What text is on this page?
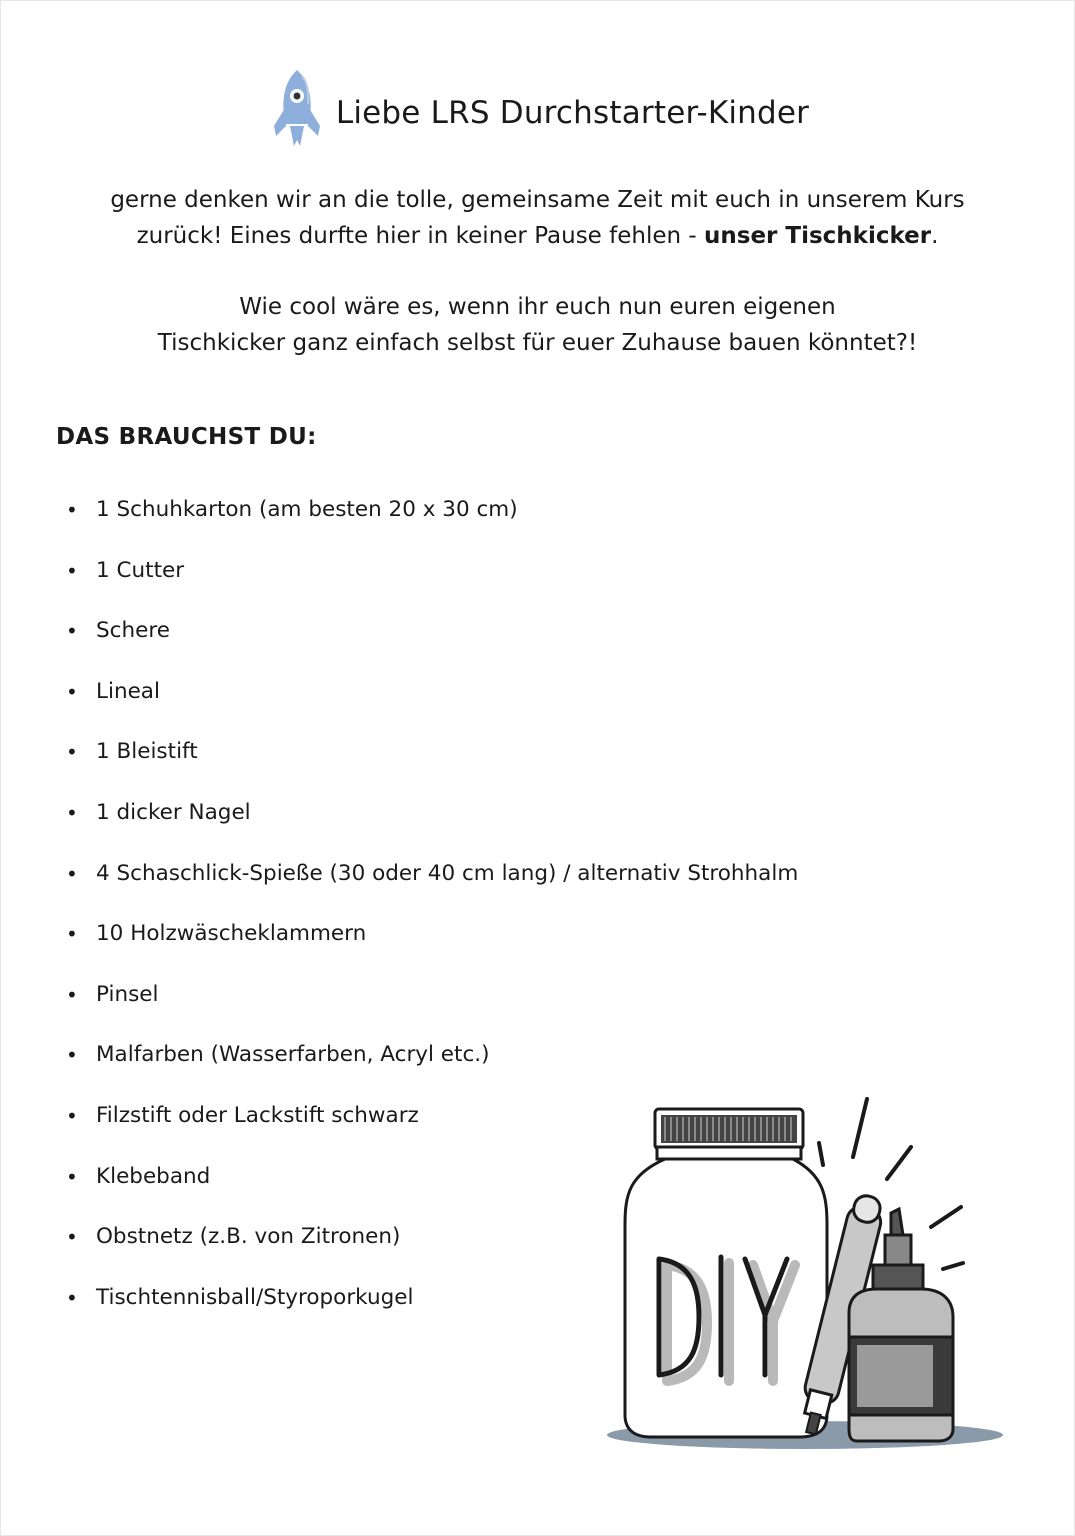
Liebe LRS Durchstarter-Kinder
gerne denken wir an die tolle, gemeinsame Zeit mit euch in unserem Kurs
zurück! Eines durfte hier in keiner Pause fehlen - unser Tischkicker.
Wie cool wäre es, wenn ihr euch nun euren eigenen
Tischkicker ganz einfach selbst für euer Zuhause bauen könntet?!
DAS BRAUCHST DU:
• 1 Schuhkarton (am besten 20 x 30 cm)
• 1 Cutter
• Schere
• Lineal
• 1 Bleistift
• 1 dicker Nagel
• 4 Schaschlick-Spieße (30 oder 40 cm lang) / alternativ Strohhalm
• 10 Holzwäscheklammern
• Pinsel
• Malfarben (Wasserfarben, Acryl etc.)
• Filzstift oder Lackstift schwarz
• Klebeband
• Obstnetz (z.B. von Zitronen)
• Tischtennisball/Styroporkugel
